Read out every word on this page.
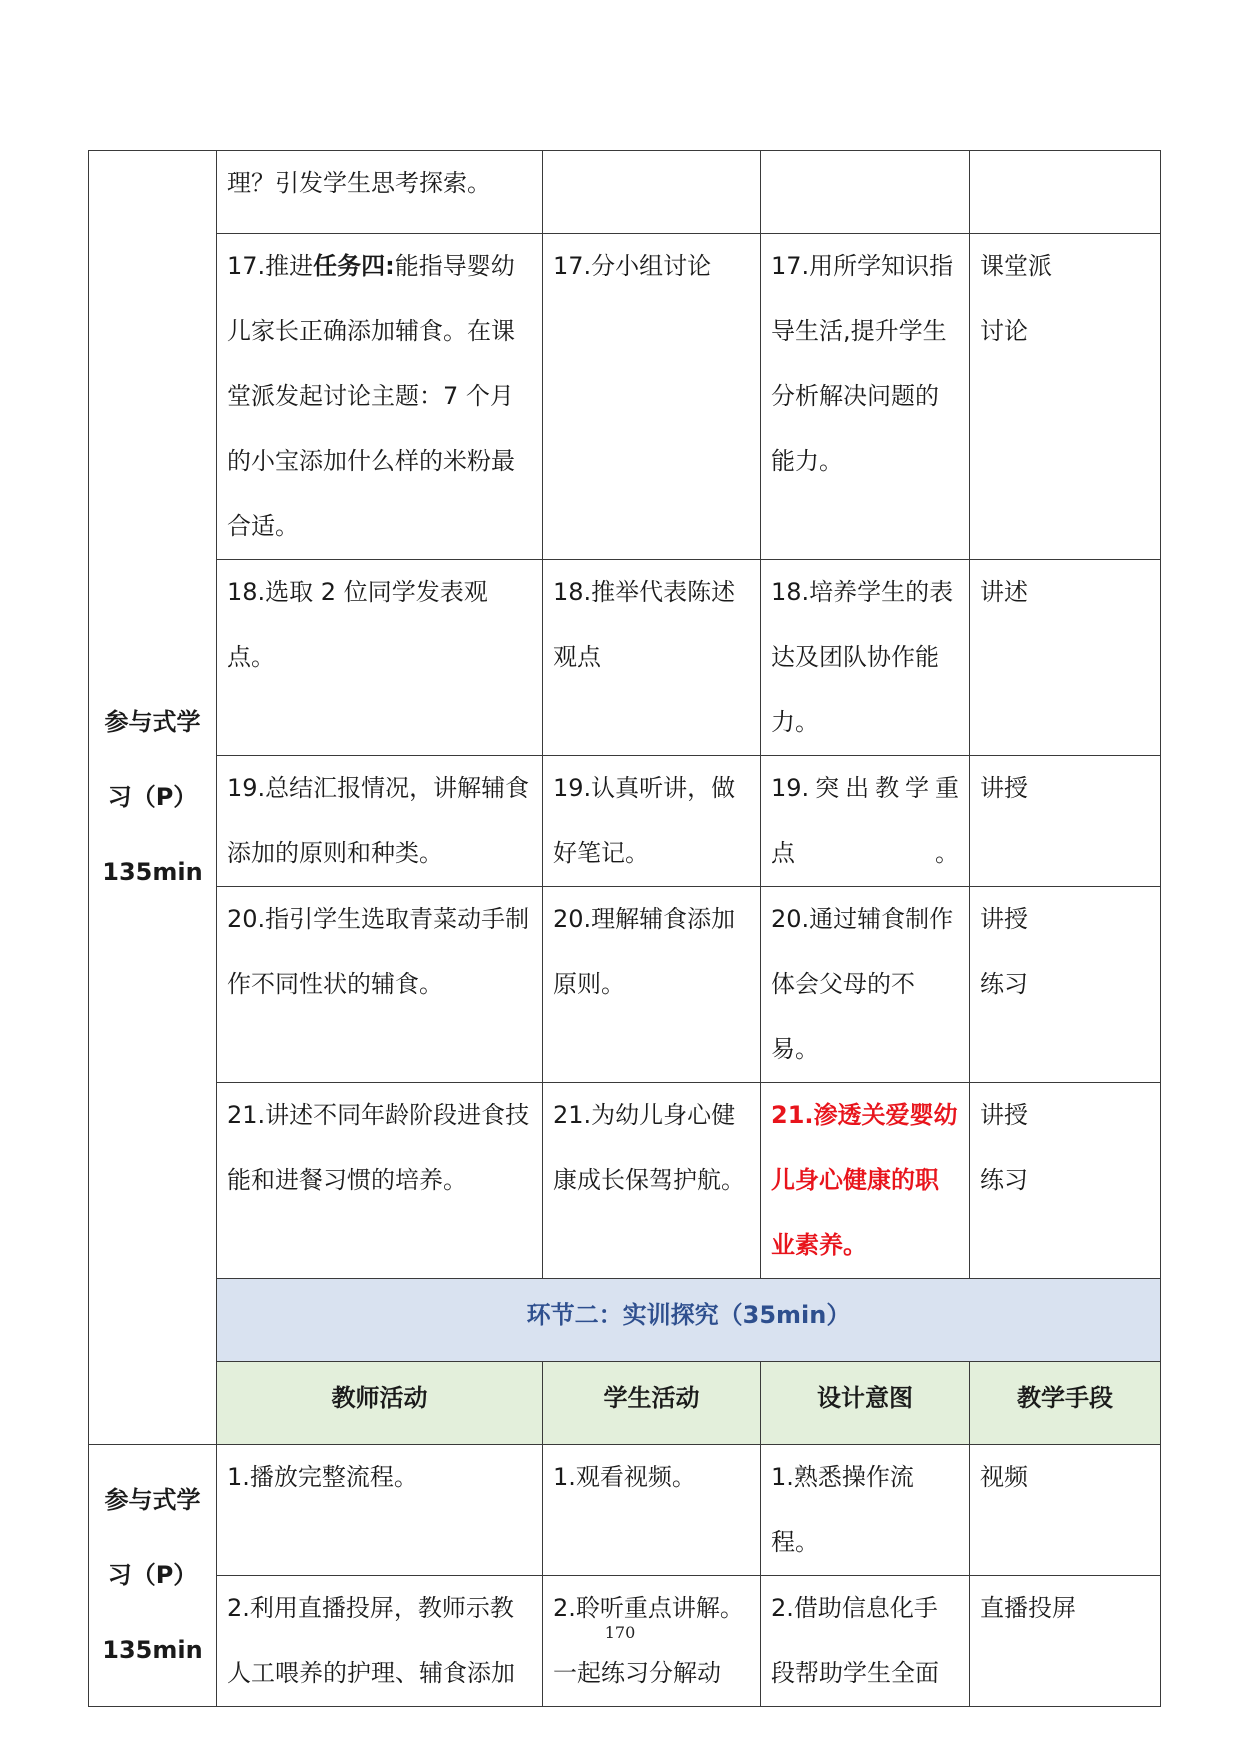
参与式学
习（P）
135min	理？引发学生思考探索。			
	17.推进任务四:能指导婴幼儿家长正确添加辅食。在课堂派发起讨论主题：7 个月的小宝添加什么样的米粉最合适。	17.分小组讨论	17.用所学知识指导生活,提升学生分析解决问题的能力。	课堂派
讨论

	18.选取 2 位同学发表观点。	18.推举代表陈述观点	18.培养学生的表达及团队协作能力。	讲述
	19.总结汇报情况，讲解辅食添加的原则和种类。	19.认真听讲，做好笔记。	19.突出教学重点。	讲授
	20.指引学生选取青菜动手制作不同性状的辅食。	20.理解辅食添加原则。	20.通过辅食制作体会父母的不易。	讲授
练习

	21.讲述不同年龄阶段进食技能和进餐习惯的培养。	21.为幼儿身心健康成长保驾护航。	21.渗透关爱婴幼儿身心健康的职业素养。	讲授
练习

	环节二：实训探究（35min）			
	教师活动	学生活动	设计意图	教学手段

参与式学
习（P）
135min	1.播放完整流程。	1.观看视频。	1.熟悉操作流程。	视频
	2.利用直播投屏，教师示教人工喂养的护理、辅食添加	2.聆听重点讲解。一起练习分解动	2.借助信息化手段帮助学生全面	直播投屏
170
